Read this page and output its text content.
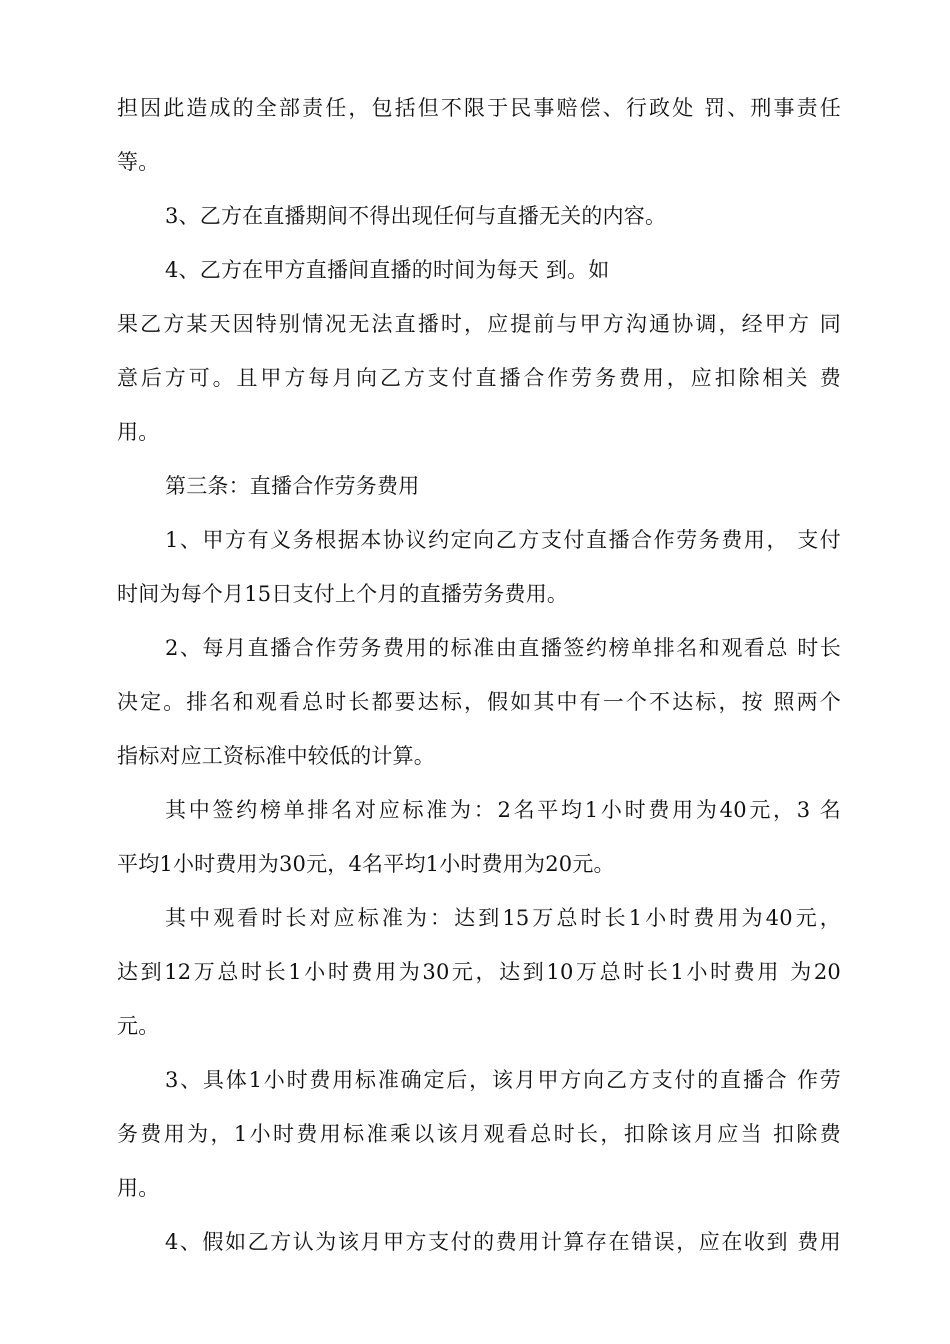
担因此造成的全部责任，包括但不限于民事赔偿、行政处 罚、刑事责任
等。
3、乙方在直播期间不得出现任何与直播无关的内容。
4、乙方在甲方直播间直播的时间为每天 到。如
果乙方某天因特别情况无法直播时，应提前与甲方沟通协调，经甲方 同
意后方可。且甲方每月向乙方支付直播合作劳务费用，应扣除相关 费
用。
第三条：直播合作劳务费用
1、甲方有义务根据本协议约定向乙方支付直播合作劳务费用， 支付
时间为每个月15日支付上个月的直播劳务费用。
2、每月直播合作劳务费用的标准由直播签约榜单排名和观看总 时长
决定。排名和观看总时长都要达标，假如其中有一个不达标，按 照两个
指标对应工资标准中较低的计算。
其中签约榜单排名对应标准为：2名平均1小时费用为40元，3 名
平均1小时费用为30元，4名平均1小时费用为20元。
其中观看时长对应标准为：达到15万总时长1小时费用为40元，
达到12万总时长1小时费用为30元，达到10万总时长1小时费用 为20
元。
3、具体1小时费用标准确定后，该月甲方向乙方支付的直播合 作劳
务费用为，1小时费用标准乘以该月观看总时长，扣除该月应当 扣除费
用。
4、假如乙方认为该月甲方支付的费用计算存在错误，应在收到 费用
